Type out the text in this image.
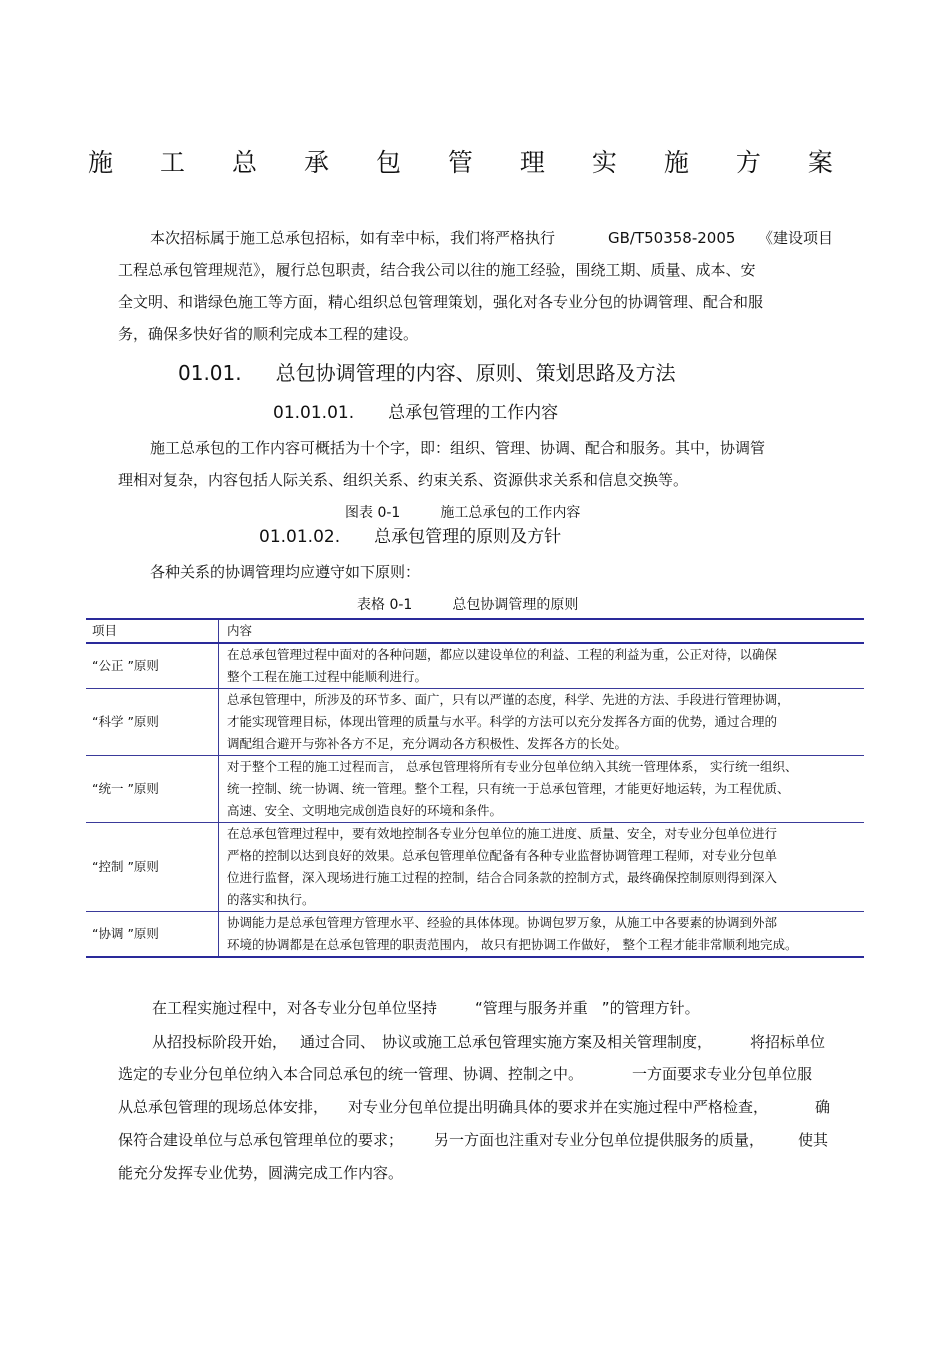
施 工 总 承 包 管 理 实 施 方 案
本次招标属于施工总承包招标，如有幸中标，我们将严格执行	GB/T50358-2005 《建设项目
工程总承包管理规范》，履行总包职责，结合我公司以往的施工经验，围绕工期、质量、成本、安
全文明、和谐绿色施工等方面，精心组织总包管理策划，强化对各专业分包的协调管理、配合和服
务，确保多快好省的顺利完成本工程的建设。
01.01. 总包协调管理的内容、原则、策划思路及方法
01.01.01. 总承包管理的工作内容
施工总承包的工作内容可概括为十个字，即：组织、管理、协调、配合和服务。其中，协调管
理相对复杂，内容包括人际关系、组织关系、约束关系、资源供求关系和信息交换等。
图表 0-1	施工总承包的工作内容
01.01.02. 总承包管理的原则及方针
各种关系的协调管理均应遵守如下原则：
表格 0-1	总包协调管理的原则
项目	内容
“公正 ”原则	在总承包管理过程中面对的各种问题，都应以建设单位的利益、工程的利益为重，公正对待，以确保
整个工程在施工过程中能顺利进行。

“科学 ”原则	总承包管理中，所涉及的环节多、面广，只有以严谨的态度，科学、先进的方法、手段进行管理协调，
才能实现管理目标，体现出管理的质量与水平。科学的方法可以充分发挥各方面的优势，通过合理的
调配组合避开与弥补各方不足，充分调动各方积极性、发挥各方的长处。

“统一 ”原则	对于整个工程的施工过程而言， 总承包管理将所有专业分包单位纳入其统一管理体系， 实行统一组织、
统一控制、统一协调、统一管理。整个工程，只有统一于总承包管理，才能更好地运转，为工程优质、
高速、安全、文明地完成创造良好的环境和条件。

“控制 ”原则	在总承包管理过程中，要有效地控制各专业分包单位的施工进度、质量、安全，对专业分包单位进行
严格的控制以达到良好的效果。总承包管理单位配备有各种专业监督协调管理工程师，对专业分包单
位进行监督，深入现场进行施工过程的控制，结合合同条款的控制方式，最终确保控制原则得到深入
的落实和执行。

“协调 ”原则	协调能力是总承包管理方管理水平、经验的具体体现。协调包罗万象，从施工中各要素的协调到外部
环境的协调都是在总承包管理的职责范围内， 故只有把协调工作做好， 整个工程才能非常顺利地完成。
在工程实施过程中，对各专业分包单位坚持	“管理与服务并重 ”的管理方针。
从招投标阶段开始， 通过合同、 协议或施工总承包管理实施方案及相关管理制度，	将招标单位
选定的专业分包单位纳入本合同总承包的统一管理、协调、控制之中。	一方面要求专业分包单位服
从总承包管理的现场总体安排， 对专业分包单位提出明确具体的要求并在实施过程中严格检查，	确
保符合建设单位与总承包管理单位的要求； 另一方面也注重对专业分包单位提供服务的质量， 使其
能充分发挥专业优势，圆满完成工作内容。
